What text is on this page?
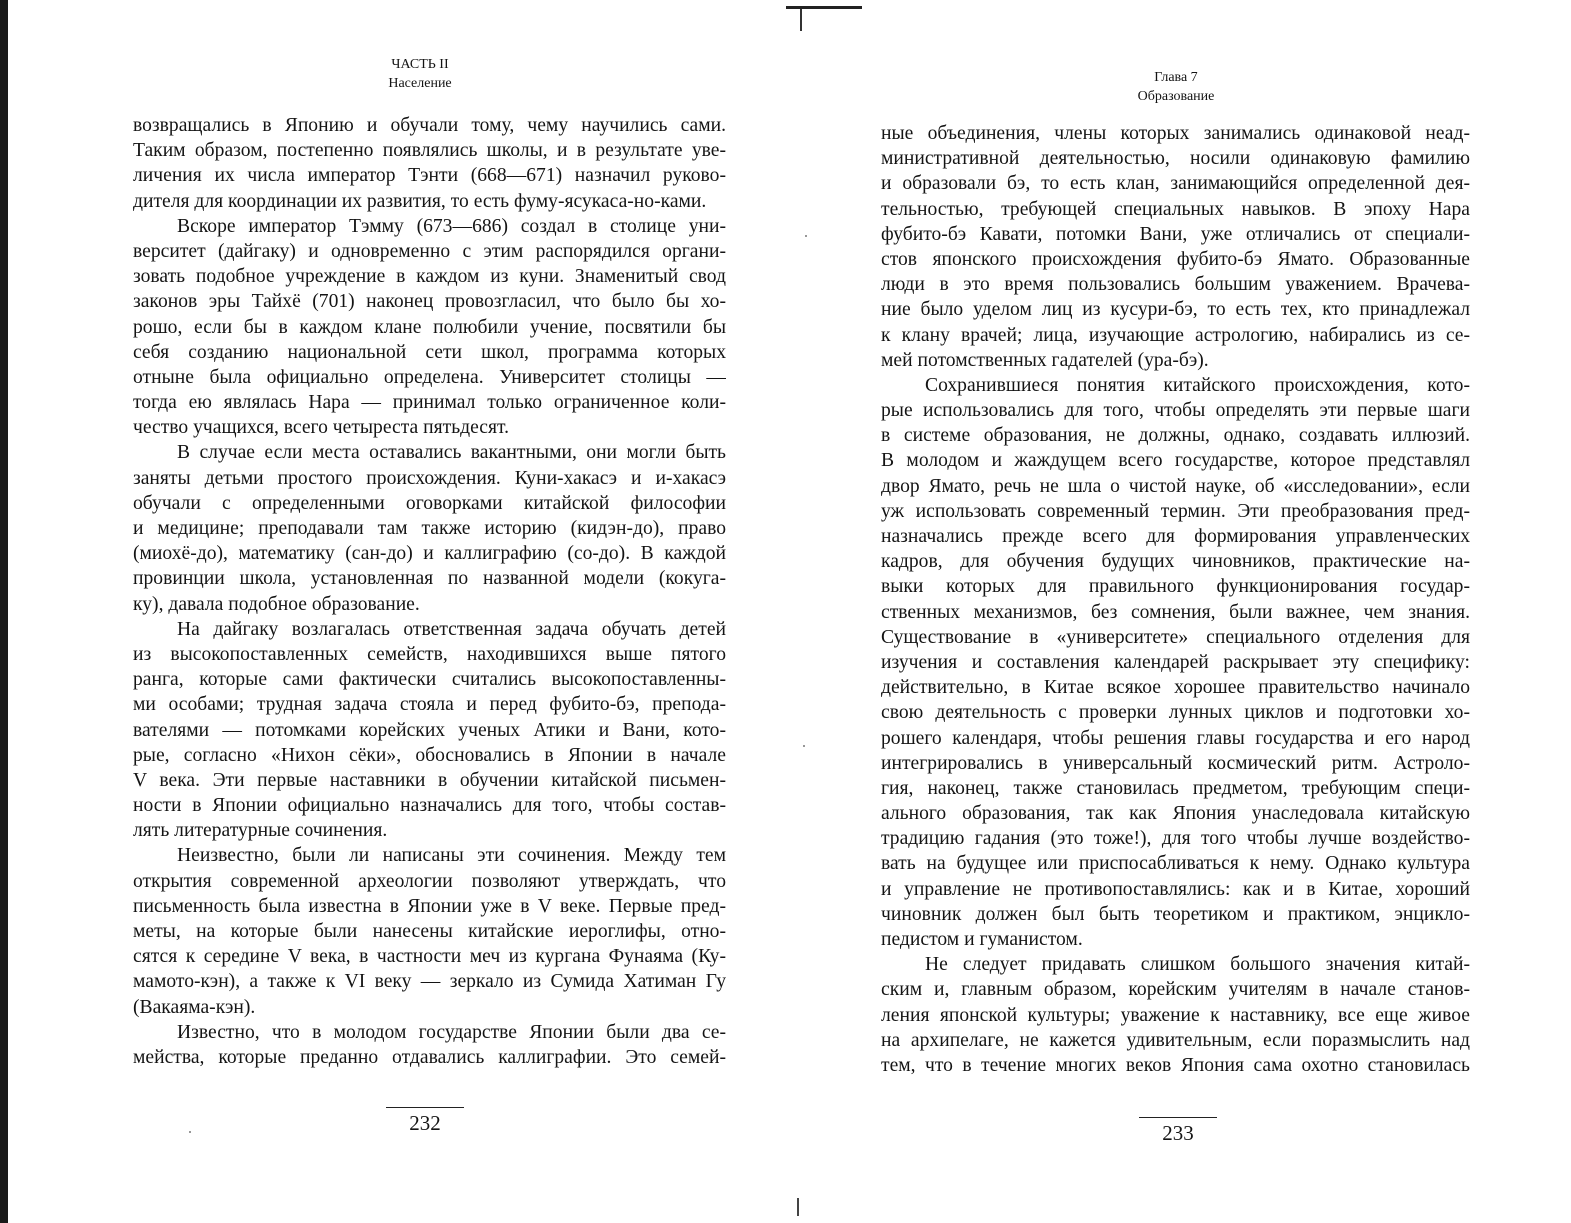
ЧАСТЬ II
Население
возвращались в Японию и обучали тому, чему научились сами.
Таким образом, постепенно появлялись школы, и в результате уве-
личения их числа император Тэнти (668—671) назначил руково-
дителя для координации их развития, то есть фуму-ясукаса-но-ками.
Вскоре император Тэмму (673—686) создал в столице уни-
верситет (дайгаку) и одновременно с этим распорядился органи-
зовать подобное учреждение в каждом из куни. Знаменитый свод
законов эры Тайхё (701) наконец провозгласил, что было бы хо-
рошо, если бы в каждом клане полюбили учение, посвятили бы
себя созданию национальной сети школ, программа которых
отныне была официально определена. Университет столицы —
тогда ею являлась Нара — принимал только ограниченное коли-
чество учащихся, всего четыреста пятьдесят.
В случае если места оставались вакантными, они могли быть
заняты детьми простого происхождения. Куни-хакасэ и и-хакасэ
обучали с определенными оговорками китайской философии
и медицине; преподавали там также историю (кидэн-до), право
(миохё-до), математику (сан-до) и каллиграфию (со-до). В каждой
провинции школа, установленная по названной модели (кокуга-
ку), давала подобное образование.
На дайгаку возлагалась ответственная задача обучать детей
из высокопоставленных семейств, находившихся выше пятого
ранга, которые сами фактически считались высокопоставленны-
ми особами; трудная задача стояла и перед фубито-бэ, препода-
вателями — потомками корейских ученых Атики и Вани, кото-
рые, согласно «Нихон сёки», обосновались в Японии в начале
V века. Эти первые наставники в обучении китайской письмен-
ности в Японии официально назначались для того, чтобы состав-
лять литературные сочинения.
Неизвестно, были ли написаны эти сочинения. Между тем
открытия современной археологии позволяют утверждать, что
письменность была известна в Японии уже в V веке. Первые пред-
меты, на которые были нанесены китайские иероглифы, отно-
сятся к середине V века, в частности меч из кургана Фунаяма (Ку-
мамото-кэн), а также к VI веку — зеркало из Сумида Хатиман Гу
(Вакаяма-кэн).
Известно, что в молодом государстве Японии были два се-
мейства, которые преданно отдавались каллиграфии. Это семей-
232
Глава 7
Образование
ные объединения, члены которых занимались одинаковой неад-
министративной деятельностью, носили одинаковую фамилию
и образовали бэ, то есть клан, занимающийся определенной дея-
тельностью, требующей специальных навыков. В эпоху Нара
фубито-бэ Кавати, потомки Вани, уже отличались от специали-
стов японского происхождения фубито-бэ Ямато. Образованные
люди в это время пользовались большим уважением. Врачева-
ние было уделом лиц из кусури-бэ, то есть тех, кто принадлежал
к клану врачей; лица, изучающие астрологию, набирались из се-
мей потомственных гадателей (ура-бэ).
Сохранившиеся понятия китайского происхождения, кото-
рые использовались для того, чтобы определять эти первые шаги
в системе образования, не должны, однако, создавать иллюзий.
В молодом и жаждущем всего государстве, которое представлял
двор Ямато, речь не шла о чистой науке, об «исследовании», если
уж использовать современный термин. Эти преобразования пред-
назначались прежде всего для формирования управленческих
кадров, для обучения будущих чиновников, практические на-
выки которых для правильного функционирования государ-
ственных механизмов, без сомнения, были важнее, чем знания.
Существование в «университете» специального отделения для
изучения и составления календарей раскрывает эту специфику:
действительно, в Китае всякое хорошее правительство начинало
свою деятельность с проверки лунных циклов и подготовки хо-
рошего календаря, чтобы решения главы государства и его народ
интегрировались в универсальный космический ритм. Астроло-
гия, наконец, также становилась предметом, требующим специ-
ального образования, так как Япония унаследовала китайскую
традицию гадания (это тоже!), для того чтобы лучше воздейство-
вать на будущее или приспосабливаться к нему. Однако культура
и управление не противопоставлялись: как и в Китае, хороший
чиновник должен был быть теоретиком и практиком, энцикло-
педистом и гуманистом.
Не следует придавать слишком большого значения китай-
ским и, главным образом, корейским учителям в начале станов-
ления японской культуры; уважение к наставнику, все еще живое
на архипелаге, не кажется удивительным, если поразмыслить над
тем, что в течение многих веков Япония сама охотно становилась
233
